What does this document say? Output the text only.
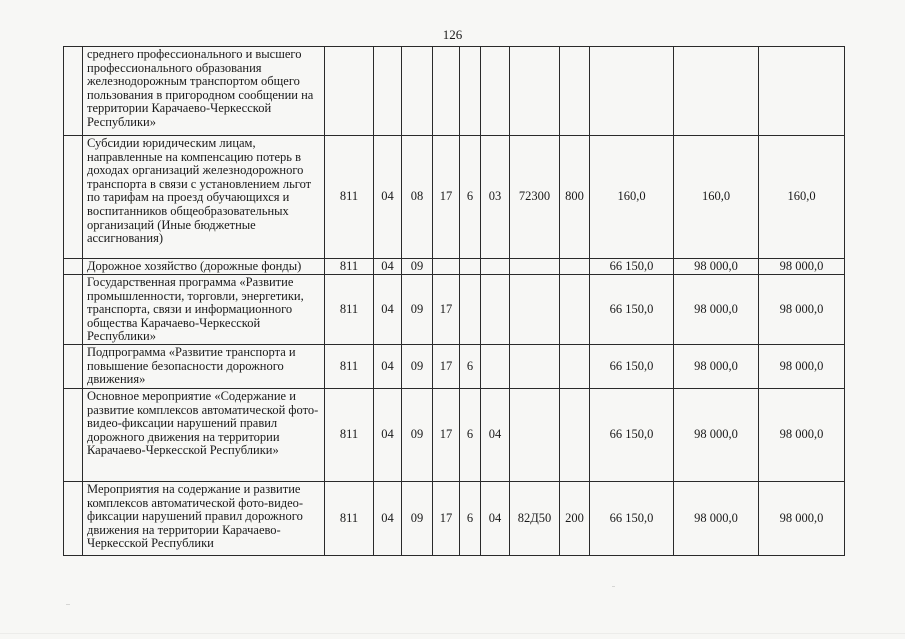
126
	среднего профессионального и высшего профессионального образования железнодорожным транспортом общего пользования в пригородном сообщении на территории Карачаево-Черкесской Республики»											
	Субсидии юридическим лицам, направленные на компенсацию потерь в доходах организаций железнодорожного транспорта в связи с установлением льгот по тарифам на проезд обучающихся и воспитанников общеобразовательных организаций (Иные бюджетные ассигнования)	811	04	08	17	6	03	72300	800	160,0	160,0	160,0
	Дорожное хозяйство (дорожные фонды)	811	04	09						66 150,0	98 000,0	98 000,0
	Государственная программа «Развитие промышленности, торговли, энергетики, транспорта, связи и информационного общества Карачаево-Черкесской Республики»	811	04	09	17					66 150,0	98 000,0	98 000,0
	Подпрограмма «Развитие транспорта и повышение безопасности дорожного движения»	811	04	09	17	6				66 150,0	98 000,0	98 000,0
	Основное мероприятие «Содержание и развитие комплексов автоматической фото-видео-фиксации нарушений правил дорожного движения на территории Карачаево-Черкесской Республики»	811	04	09	17	6	04			66 150,0	98 000,0	98 000,0
	Мероприятия на содержание и развитие комплексов автоматической фото-видео-фиксации нарушений правил дорожного движения на территории Карачаево-Черкесской Республики	811	04	09	17	6	04	82Д50	200	66 150,0	98 000,0	98 000,0
